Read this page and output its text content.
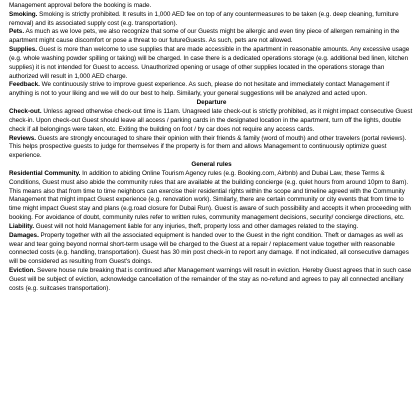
Management approval before the booking is made.

Smoking. Smoking is strictly prohibited. It results in 1,000 AED fee on top of any countermeasures to be taken (e.g. deep cleaning, furniture removal) and its associated supply cost (e.g. transportation).

Pets. As much as we love pets, we also recognize that some of our Guests might be allergic and even tiny piece of allergen remaining in the apartment might cause discomfort or pose a threat to our futureGuests. As such, pets are not allowed.

Supplies. Guest is more than welcome to use supplies that are made accessible in the apartment in reasonable amounts. Any excessive usage (e.g. whole washing powder spilling or taking) will be charged. In case there is a dedicated operations storage (e.g. additional bed linen, kitchen supplies) it is not intended for Guest to access. Unauthorized opening or usage of other supplies located in the operations storage than authorized will result in 1,000 AED charge.

Feedback. We continuously strive to improve guest experience. As such, please do not hesitate and immediately contact Management if anything is not to your liking and we will do our best to help. Similarly, your general suggestions will be analyzed and acted upon.

Departure

Check-out. Unless agreed otherwise check-out time is 11am. Unagreed late check-out is strictly prohibited, as it might impact consecutive Guest check-in. Upon check-out Guest should leave all access / parking cards in the designated location in the apartment, turn off the lights, double check if all belongings were taken, etc. Exiting the building on foot / by car does not require any access cards.

Reviews. Guests are strongly encouraged to share their opinion with their friends & family (word of mouth) and other travelers (portal reviews). This helps prospective guests to judge for themselves if the property is for them and allows Management to continuously optimize guest experience.

General rules

Residential Community. In addition to abiding Online Tourism Agency rules (e.g. Booking.com, Airbnb) and Dubai Law, these Terms & Conditions, Guest must also abide the community rules that are available at the building concierge (e.g. quiet hours from around 10pm to 8am). This means also that from time to time neighbors can exercise their residential rights within the scope and timeline agreed with the Community Management that might impact Guest experience (e.g. renovation work). Similarly, there are certain community or city events that from time to time might impact Guest stay and plans (e.g.road closure for Dubai Run). Guest is aware of such possibility and accepts it when proceeding with booking. For avoidance of doubt, community rules refer to written rules, community management decisions, security/ concierge directions, etc.

Liability. Guest will not hold Management liable for any injuries, theft, property loss and other damages related to the staying.

Damages. Property together with all the associated equipment is handed over to the Guest in the right condition. Theft or damages as well as wear and tear going beyond normal short-term usage will be charged to the Guest at a repair / replacement value together with reasonable connected costs (e.g. handling, transportation). Guest has 30 min post check-in to report any damage. If not indicated, all consecutive damages will be considered as resulting from Guest's doings.

Eviction. Severe house rule breaking that is continued after Management warnings will result in eviction. Hereby Guest agrees that in such case Guest will be subject of eviction, acknowledge cancellation of the remainder of the stay as no-refund and agrees to pay all connected ancillary costs (e.g. suitcases transportation).
